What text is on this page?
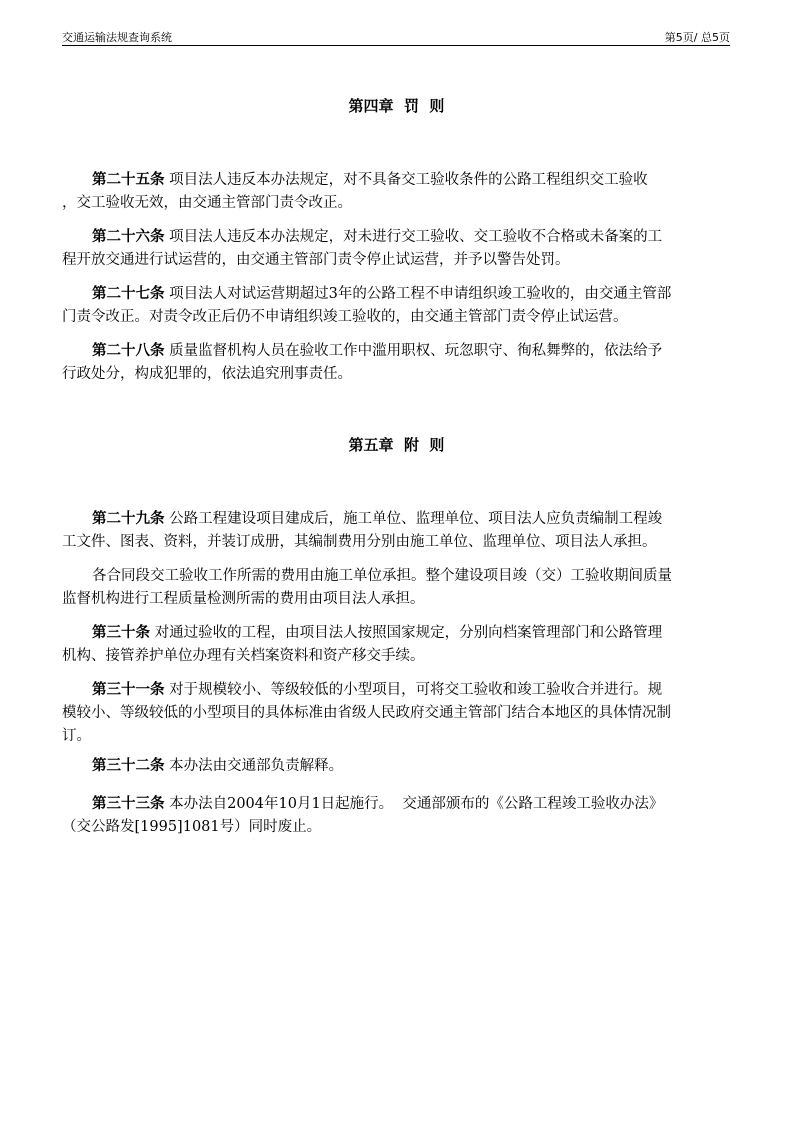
交通运输法规查询系统	第5页/ 总5页
第四章  罚  则
第二十五条 项目法人违反本办法规定，对不具备交工验收条件的公路工程组织交工验收
，交工验收无效，由交通主管部门责令改正。
第二十六条 项目法人违反本办法规定，对未进行交工验收、交工验收不合格或未备案的工
程开放交通进行试运营的，由交通主管部门责令停止试运营，并予以警告处罚。
第二十七条 项目法人对试运营期超过3年的公路工程不申请组织竣工验收的，由交通主管部
门责令改正。对责令改正后仍不申请组织竣工验收的，由交通主管部门责令停止试运营。
第二十八条 质量监督机构人员在验收工作中滥用职权、玩忽职守、徇私舞弊的，依法给予
行政处分，构成犯罪的，依法追究刑事责任。
第五章  附  则
第二十九条 公路工程建设项目建成后，施工单位、监理单位、项目法人应负责编制工程竣
工文件、图表、资料，并装订成册，其编制费用分别由施工单位、监理单位、项目法人承担。
各合同段交工验收工作所需的费用由施工单位承担。整个建设项目竣（交）工验收期间质量
监督机构进行工程质量检测所需的费用由项目法人承担。
第三十条 对通过验收的工程，由项目法人按照国家规定，分别向档案管理部门和公路管理
机构、接管养护单位办理有关档案资料和资产移交手续。
第三十一条 对于规模较小、等级较低的小型项目，可将交工验收和竣工验收合并进行。规
模较小、等级较低的小型项目的具体标准由省级人民政府交通主管部门结合本地区的具体情况制
订。
第三十二条 本办法由交通部负责解释。
第三十三条 本办法自2004年10月1日起施行。  交通部颁布的《公路工程竣工验收办法》
（交公路发[1995]1081号）同时废止。
